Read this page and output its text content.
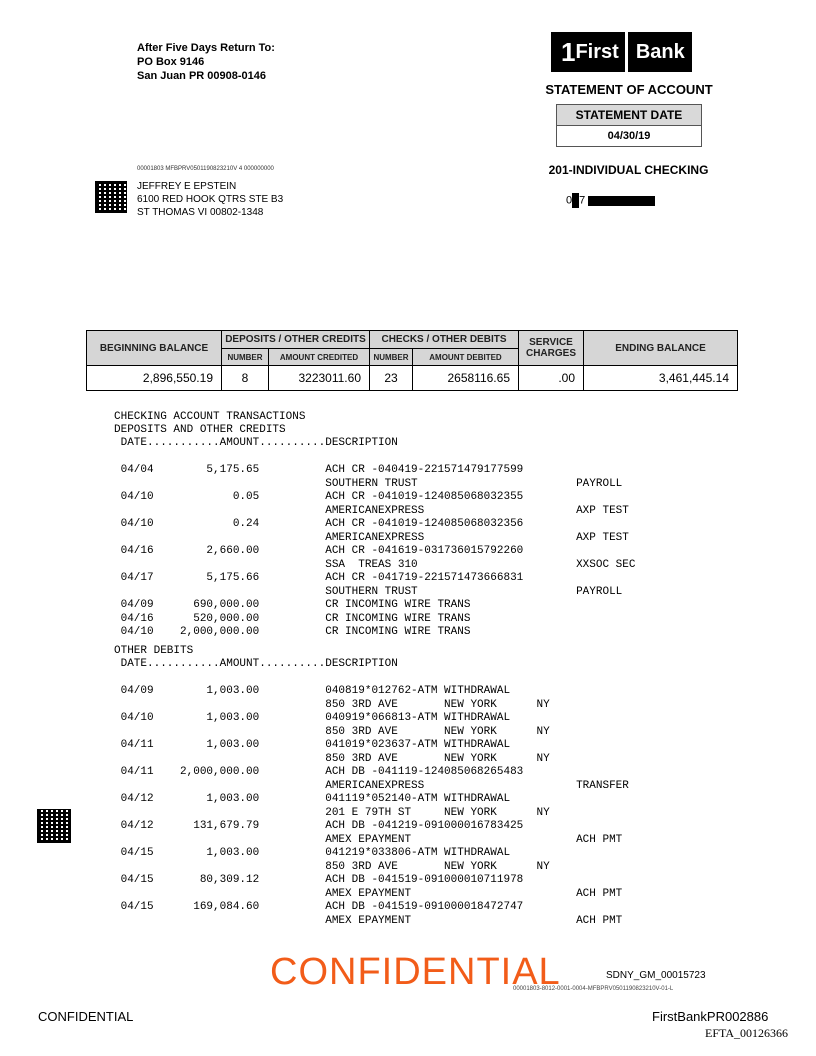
After Five Days Return To:
PO Box 9146
San Juan PR 00908-0146
1 First Bank
STATEMENT OF ACCOUNT
STATEMENT DATE
04/30/19
00001803 MFBPRV0501190823210V 4 000000000
JEFFREY E EPSTEIN
6100 RED HOOK QTRS STE B3
ST THOMAS VI 00802-1348
201-INDIVIDUAL CHECKING
0 7
BEGINNING BALANCE	DEPOSITS / OTHER CREDITS		CHECKS / OTHER DEBITS		SERVICE CHARGES	ENDING BALANCE
	NUMBER	AMOUNT CREDITED	NUMBER	AMOUNT DEBITED		
2,896,550.19	8	3223011.60	23	2658116.65	.00	3,461,445.14
CHECKING ACCOUNT TRANSACTIONS
DEPOSITS AND OTHER CREDITS
DATE...........AMOUNT..........DESCRIPTION
04/04        5,175.65          ACH CR -040419-221571479177599
SOUTHERN TRUST                        PAYROLL
04/10            0.05          ACH CR -041019-124085068032355
AMERICANEXPRESS                       AXP TEST
04/10            0.24          ACH CR -041019-124085068032356
AMERICANEXPRESS                       AXP TEST
04/16        2,660.00          ACH CR -041619-031736015792260
SSA  TREAS 310                        XXSOC SEC
04/17        5,175.66          ACH CR -041719-221571473666831
SOUTHERN TRUST                        PAYROLL
04/09      690,000.00          CR INCOMING WIRE TRANS
04/16      520,000.00          CR INCOMING WIRE TRANS
04/10    2,000,000.00          CR INCOMING WIRE TRANS
OTHER DEBITS
DATE...........AMOUNT..........DESCRIPTION
04/09        1,003.00          040819*012762-ATM WITHDRAWAL
850 3RD AVE       NEW YORK      NY
04/10        1,003.00          040919*066813-ATM WITHDRAWAL
850 3RD AVE       NEW YORK      NY
04/11        1,003.00          041019*023637-ATM WITHDRAWAL
850 3RD AVE       NEW YORK      NY
04/11    2,000,000.00          ACH DB -041119-124085068265483
AMERICANEXPRESS                       TRANSFER
04/12        1,003.00          041119*052140-ATM WITHDRAWAL
201 E 79TH ST     NEW YORK      NY
04/12      131,679.79          ACH DB -041219-091000016783425
AMEX EPAYMENT                         ACH PMT
04/15        1,003.00          041219*033806-ATM WITHDRAWAL
850 3RD AVE       NEW YORK      NY
04/15       80,309.12          ACH DB -041519-091000010711978
AMEX EPAYMENT                         ACH PMT
04/15      169,084.60          ACH DB -041519-091000018472747
AMEX EPAYMENT                         ACH PMT
CONFIDENTIAL	SDNY_GM_00015723
00001803-8012-0001-0004-MFBPRV0501190823210V-01-L
CONFIDENTIAL	FirstBankPR002886
EFTA_00126366
